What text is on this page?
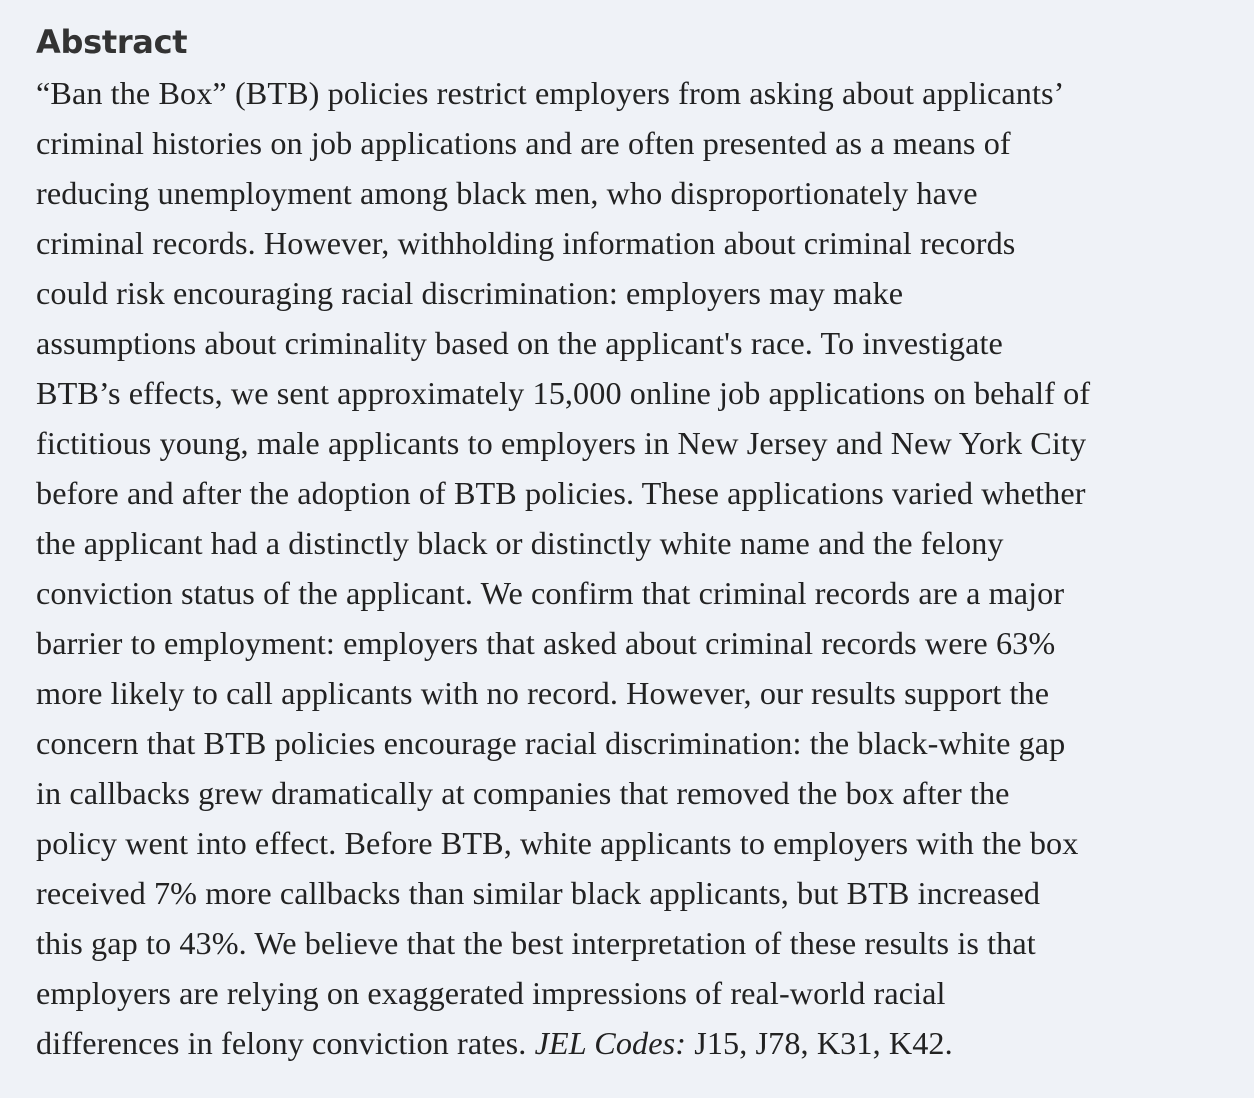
Abstract

“Ban the Box” (BTB) policies restrict employers from asking about applicants’
criminal histories on job applications and are often presented as a means of
reducing unemployment among black men, who disproportionately have
criminal records. However, withholding information about criminal records
could risk encouraging racial discrimination: employers may make
assumptions about criminality based on the applicant's race. To investigate
BTB’s effects, we sent approximately 15,000 online job applications on behalf of
fictitious young, male applicants to employers in New Jersey and New York City
before and after the adoption of BTB policies. These applications varied whether
the applicant had a distinctly black or distinctly white name and the felony
conviction status of the applicant. We confirm that criminal records are a major
barrier to employment: employers that asked about criminal records were 63%
more likely to call applicants with no record. However, our results support the
concern that BTB policies encourage racial discrimination: the black-white gap
in callbacks grew dramatically at companies that removed the box after the
policy went into effect. Before BTB, white applicants to employers with the box
received 7% more callbacks than similar black applicants, but BTB increased
this gap to 43%. We believe that the best interpretation of these results is that
employers are relying on exaggerated impressions of real-world racial
differences in felony conviction rates. JEL Codes: J15, J78, K31, K42.
